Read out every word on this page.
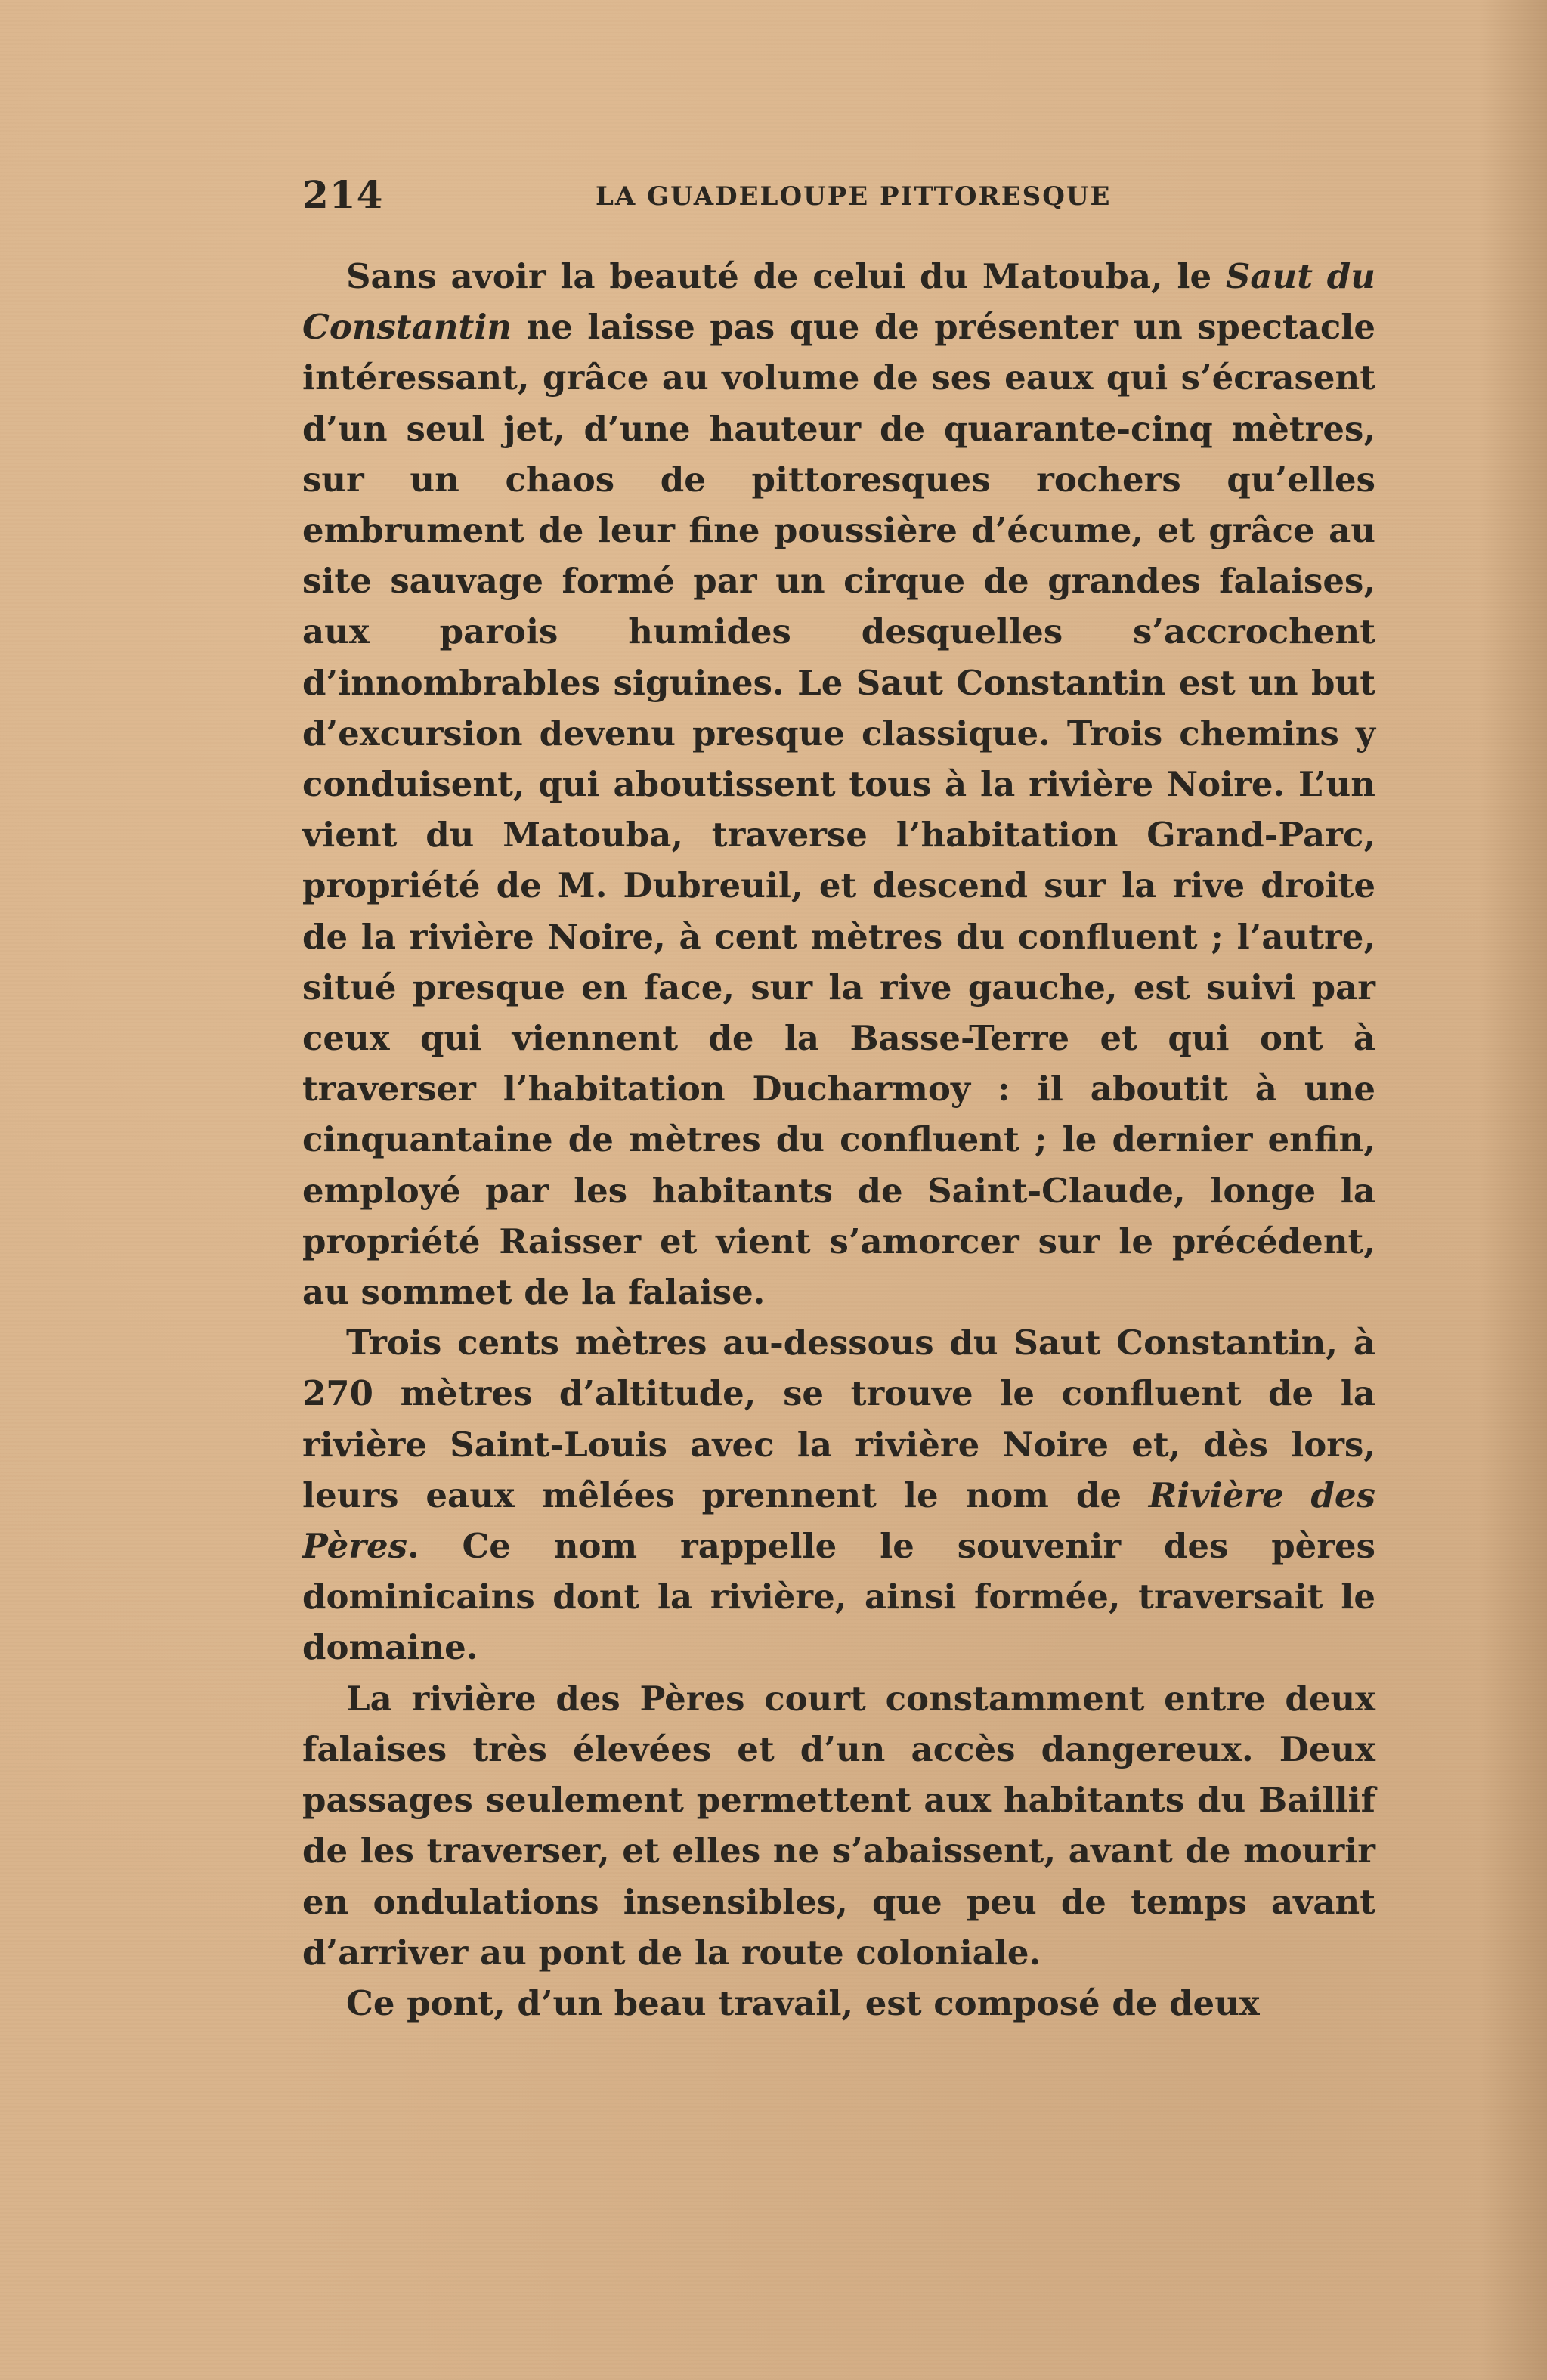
214	LA GUADELOUPE PITTORESQUE

Sans avoir la beauté de celui du Matouba, le Saut du Constantin ne laisse pas que de présenter un spectacle intéressant, grâce au volume de ses eaux qui s’écrasent d’un seul jet, d’une hauteur de quarante-cinq mètres, sur un chaos de pittoresques rochers qu’elles embrument de leur fine poussière d’écume, et grâce au site sauvage formé par un cirque de grandes falaises, aux parois humides desquelles s’accrochent d’innombrables siguines. Le Saut Constantin est un but d’excursion devenu presque classique. Trois chemins y conduisent, qui aboutissent tous à la rivière Noire. L’un vient du Matouba, traverse l’habitation Grand-Parc, propriété de M. Dubreuil, et descend sur la rive droite de la rivière Noire, à cent mètres du confluent ; l’autre, situé presque en face, sur la rive gauche, est suivi par ceux qui viennent de la Basse-Terre et qui ont à traverser l’habitation Ducharmoy : il aboutit à une cinquantaine de mètres du confluent ; le dernier enfin, employé par les habitants de Saint-Claude, longe la propriété Raisser et vient s’amorcer sur le précédent, au sommet de la falaise.

Trois cents mètres au-dessous du Saut Constantin, à 270 mètres d’altitude, se trouve le confluent de la rivière Saint-Louis avec la rivière Noire et, dès lors, leurs eaux mêlées prennent le nom de Rivière des Pères. Ce nom rappelle le souvenir des pères dominicains dont la rivière, ainsi formée, traversait le domaine.

La rivière des Pères court constamment entre deux falaises très élevées et d’un accès dangereux. Deux passages seulement permettent aux habitants du Baillif de les traverser, et elles ne s’abaissent, avant de mourir en ondulations insensibles, que peu de temps avant d’arriver au pont de la route coloniale.

Ce pont, d’un beau travail, est composé de deux
